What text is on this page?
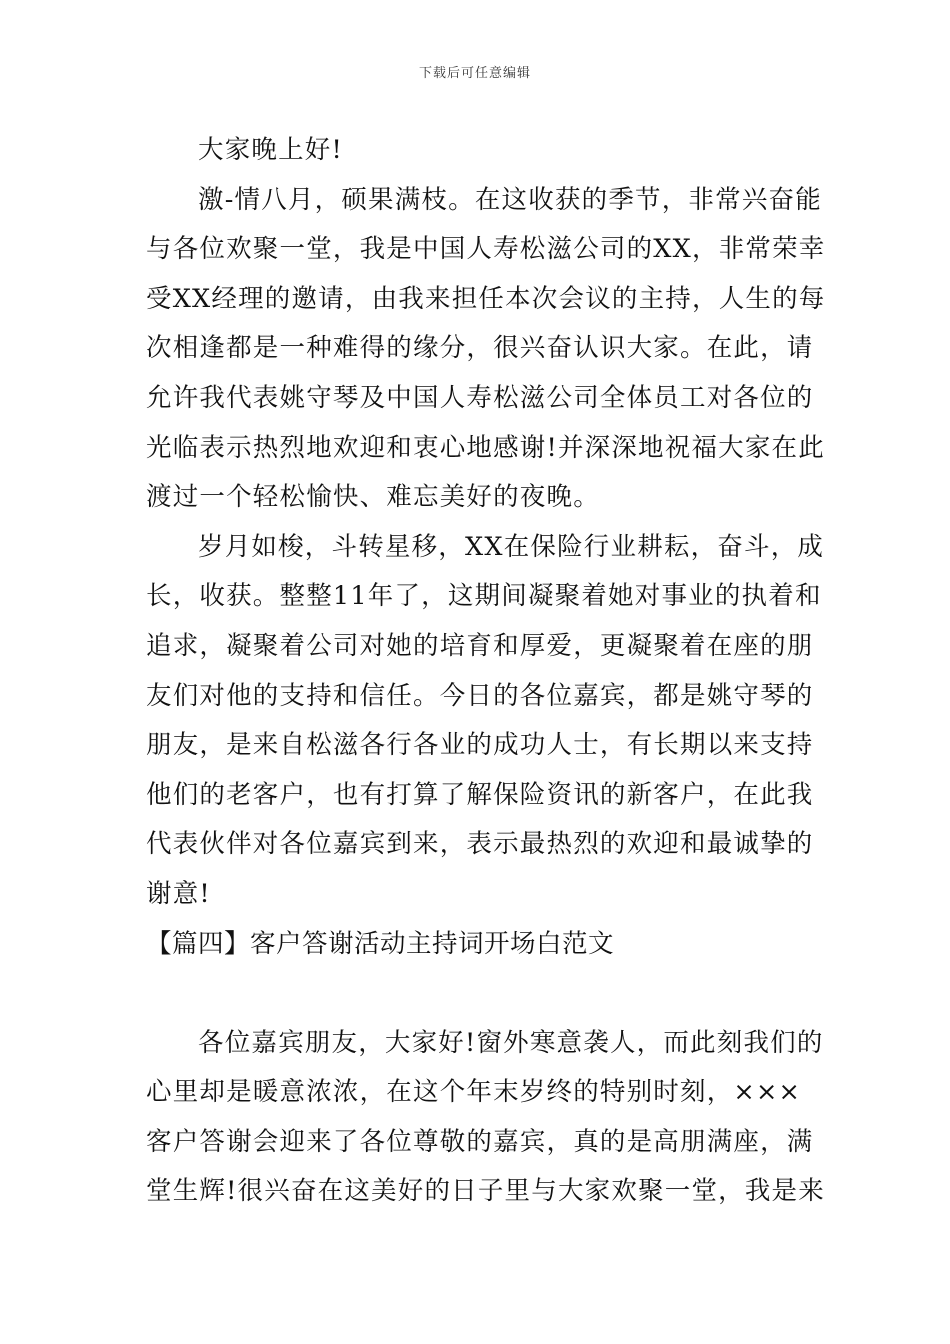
下载后可任意编辑
大家晚上好!
激-情八月，硕果满枝。在这收获的季节，非常兴奋能
与各位欢聚一堂，我是中国人寿松滋公司的XX，非常荣幸
受XX经理的邀请，由我来担任本次会议的主持，人生的每
次相逢都是一种难得的缘分，很兴奋认识大家。在此，请
允许我代表姚守琴及中国人寿松滋公司全体员工对各位的
光临表示热烈地欢迎和衷心地感谢!并深深地祝福大家在此
渡过一个轻松愉快、难忘美好的夜晚。
岁月如梭，斗转星移，XX在保险行业耕耘，奋斗，成
长，收获。整整11年了，这期间凝聚着她对事业的执着和
追求，凝聚着公司对她的培育和厚爱，更凝聚着在座的朋
友们对他的支持和信任。今日的各位嘉宾，都是姚守琴的
朋友，是来自松滋各行各业的成功人士，有长期以来支持
他们的老客户，也有打算了解保险资讯的新客户，在此我
代表伙伴对各位嘉宾到来，表示最热烈的欢迎和最诚挚的
谢意!
【篇四】客户答谢活动主持词开场白范文
各位嘉宾朋友，大家好!窗外寒意袭人，而此刻我们的
心里却是暖意浓浓，在这个年末岁终的特别时刻，×××
客户答谢会迎来了各位尊敬的嘉宾，真的是高朋满座，满
堂生辉!很兴奋在这美好的日子里与大家欢聚一堂，我是来
